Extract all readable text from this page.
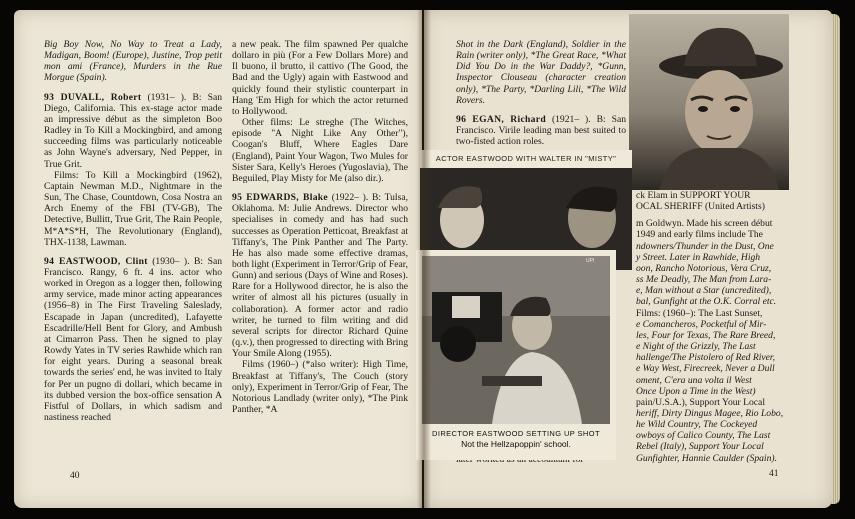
Big Boy Now, No Way to Treat a Lady, Madigan, Boom! (Europe), Justine, Trop petit mon ami (France), Murders in the Rue Morgue (Spain).

93 DUVALL, Robert (1931– ). B: San Diego, California. This ex-stage actor made an impressive début as the simpleton Boo Radley in To Kill a Mockingbird, and among succeeding films was particularly noticeable as John Wayne's adversary, Ned Pepper, in True Grit.

Films: To Kill a Mockingbird (1962), Captain Newman M.D., Nightmare in the Sun, The Chase, Countdown, Cosa Nostra an Arch Enemy of the FBI (TV-GB), The Detective, Bullitt, True Grit, The Rain People, M*A*S*H, The Revolutionary (England), THX-1138, Lawman.

94 EASTWOOD, Clint (1930– ). B: San Francisco. Rangy, 6 ft. 4 ins. actor who worked in Oregon as a logger then, following army service, made minor acting appearances (1956–8) in The First Traveling Saleslady, Escapade in Japan (uncredited), Lafayette Escadrille/Hell Bent for Glory, and Ambush at Cimarron Pass. Then he signed to play Rowdy Yates in TV series Rawhide which ran for eight years. During a seasonal break towards the series' end, he was invited to Italy for Per un pugno di dollari, which became in its dubbed version the box-office sensation A Fistful of Dollars, in which sadism and nastiness reached

a new peak. The film spawned Per qualche dollaro in più (For a Few Dollars More) and Il buono, il brutto, il cattivo (The Good, the Bad and the Ugly) again with Eastwood and quickly found their stylistic counterpart in Hang 'Em High for which the actor returned to Hollywood.

Other films: Le streghe (The Witches, episode "A Night Like Any Other"), Coogan's Bluff, Where Eagles Dare (England), Paint Your Wagon, Two Mules for Sister Sara, Kelly's Heroes (Yugoslavia), The Beguiled, Play Misty for Me (also dir.).

95 EDWARDS, Blake (1922– ). B: Tulsa, Oklahoma. M: Julie Andrews. Director who specialises in comedy and has had such successes as Operation Petticoat, Breakfast at Tiffany's, The Pink Panther and The Party. He has also made some effective dramas, both light (Experiment in Terror/Grip of Fear, Gunn) and serious (Days of Wine and Roses). Rare for a Hollywood director, he is also the writer of almost all his pictures (usually in collaboration). A former actor and radio writer, he turned to film writing and did several scripts for director Richard Quine (q.v.), then progressed to directing with Bring Your Smile Along (1955).

Films (1960–) (*also writer): High Time, Breakfast at Tiffany's, The Couch (story only), Experiment in Terror/Grip of Fear, The Notorious Landlady (writer only), *The Pink Panther, *A

40

Shot in the Dark (England), Soldier in the Rain (writer only), *The Great Race, *What Did You Do in the War Daddy?, *Gunn, Inspector Clouseau (character creation only), *The Party, *Darling Lili, *The Wild Rovers.

96 EGAN, Richard (1921– ). B: San Francisco. Virile leading man best suited to two-fisted action roles.

ck Elam in SUPPORT YOUR

OCAL SHERIFF (United Artists)

m Goldwyn. Made his screen début

1949 and early films include The

ndowners/Thunder in the Dust, One

y Street. Later in Rawhide, High

oon, Rancho Notorious, Vera Cruz,

ss Me Deadly, The Man from Lara-

e, Man without a Star (uncredited),

bal, Gunfight at the O.K. Corral etc.

Films: (1960–): The Last Sunset,

e Comancheros, Pocketful of Mir-

les, Four for Texas, The Rare Breed,

e Night of the Grizzly, The Last

hallenge/The Pistolero of Red River,

e Way West, Firecreek, Never a Dull

oment, C'era una volta il West

Once Upon a Time in the West)

pain/U.S.A.), Support Your Local

heriff, Dirty Dingus Magee, Rio Lobo,

he Wild Country, The Cockeyed

owboys of Calico County, The Last

Rebel (Italy), Support Your Local

Gunfighter, Hannie Caulder (Spain).

41
ACTOR EASTWOOD WITH WALTER IN "MISTY"
UPI
DIRECTOR EASTWOOD SETTING UP SHOT
Not the Hellzapoppin' school.
